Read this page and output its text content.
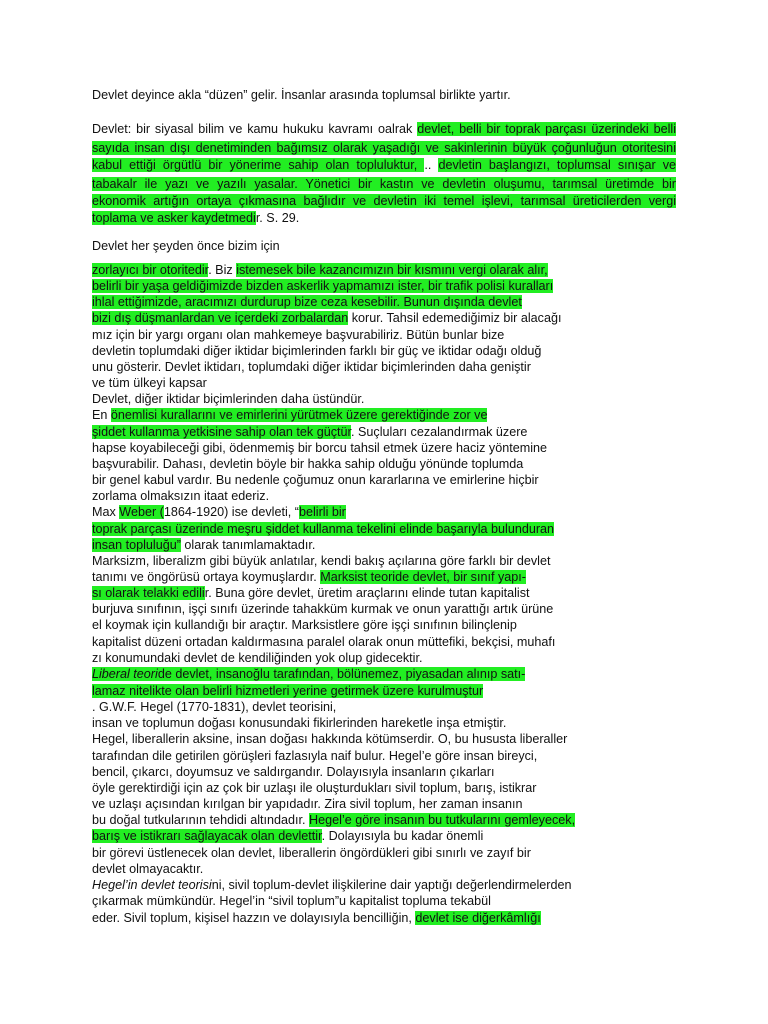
Devlet deyince akla “düzen” gelir. İnsanlar arasında toplumsal birlikte yartır.
Devlet: bir siyasal bilim ve kamu hukuku kavramı oalrak devlet, belli bir toprak parçası üzerindeki belli
sayıda insan dışı denetiminden bağımsız olarak yaşadığı ve sakinlerinin büyük çoğunluğun otoritesini
kabul ettiği örgütlü bir yönerime sahip olan topluluktur, .. devletin başlangızı, toplumsal sınışar ve
tabakalr ile yazı ve yazılı yasalar. Yönetici bir kastın ve devletin oluşumu, tarımsal üretimde bir
ekonomik artığın ortaya çıkmasına bağlıdır ve devletin iki temel işlevi, tarımsal üreticilerden vergi
toplama ve asker kaydetmedir. S. 29.
Devlet her şeyden önce bizim için
zorlayıcı bir otoritedir. Biz istemesek bile kazancımızın bir kısmını vergi olarak alır,
belirli bir yaşa geldiğimizde bizden askerlik yapmamızı ister, bir trafik polisi kuralları
ihlal ettiğimizde, aracımızı durdurup bize ceza kesebilir. Bunun dışında devlet
bizi dış düşmanlardan ve içerdeki zorbalardan korur. Tahsil edemediğimiz bir alacağı
mız için bir yargı organı olan mahkemeye başvurabiliriz. Bütün bunlar bize
devletin toplumdaki diğer iktidar biçimlerinden farklı bir güç ve iktidar odağı olduğ
unu gösterir. Devlet iktidarı, toplumdaki diğer iktidar biçimlerinden daha geniştir
ve tüm ülkeyi kapsar
Devlet, diğer iktidar biçimlerinden daha üstündür.
En önemlisi kurallarını ve emirlerini yürütmek üzere gerektiğinde zor ve
şiddet kullanma yetkisine sahip olan tek güçtür. Suçluları cezalandırmak üzere
hapse koyabileceği gibi, ödenmemiş bir borcu tahsil etmek üzere haciz yöntemine
başvurabilir. Dahası, devletin böyle bir hakka sahip olduğu yönünde toplumda
bir genel kabul vardır. Bu nedenle çoğumuz onun kararlarına ve emirlerine hiçbir
zorlama olmaksızın itaat ederiz.
Max Weber (1864-1920) ise devleti, “belirli bir
toprak parçası üzerinde meşru şiddet kullanma tekelini elinde başarıyla bulunduran
insan topluluğu” olarak tanımlamaktadır.
Marksizm, liberalizm gibi büyük anlatılar, kendi bakış açılarına göre farklı bir devlet
tanımı ve öngörüsü ortaya koymuşlardır. Marksist teoride devlet, bir sınıf yapı-
sı olarak telakki edilir. Buna göre devlet, üretim araçlarını elinde tutan kapitalist
burjuva sınıfının, işçi sınıfı üzerinde tahakküm kurmak ve onun yarattığı artık ürüne
el koymak için kullandığı bir araçtır. Marksistlere göre işçi sınıfının bilinçlenip
kapitalist düzeni ortadan kaldırmasına paralel olarak onun müttefiki, bekçisi, muhafı
zı konumundaki devlet de kendiliğinden yok olup gidecektir.
Liberal teoride devlet, insanoğlu tarafından, bölünemez, piyasadan alınıp satı-
lamaz nitelikte olan belirli hizmetleri yerine getirmek üzere kurulmuştur
. G.W.F. Hegel (1770-1831), devlet teorisini,
insan ve toplumun doğası konusundaki fikirlerinden hareketle inşa etmiştir.
Hegel, liberallerin aksine, insan doğası hakkında kötümserdir. O, bu hususta liberaller
tarafından dile getirilen görüşleri fazlasıyla naif bulur. Hegel’e göre insan bireyci,
bencil, çıkarcı, doyumsuz ve saldırgandır. Dolayısıyla insanların çıkarları
öyle gerektirdiği için az çok bir uzlaşı ile oluşturdukları sivil toplum, barış, istikrar
ve uzlaşı açısından kırılgan bir yapıdadır. Zira sivil toplum, her zaman insanın
bu doğal tutkularının tehdidi altındadır. Hegel’e göre insanın bu tutkularını gemleyecek,
barış ve istikrarı sağlayacak olan devlettir. Dolayısıyla bu kadar önemli
bir görevi üstlenecek olan devlet, liberallerin öngördükleri gibi sınırlı ve zayıf bir
devlet olmayacaktır.
Hegel’in devlet teorisini, sivil toplum-devlet ilişkilerine dair yaptığı değerlendirmelerden
çıkarmak mümkündür. Hegel’in “sivil toplum”u kapitalist topluma tekabül
eder. Sivil toplum, kişisel hazzın ve dolayısıyla bencilliğin, devlet ise diğerkâmlığı
